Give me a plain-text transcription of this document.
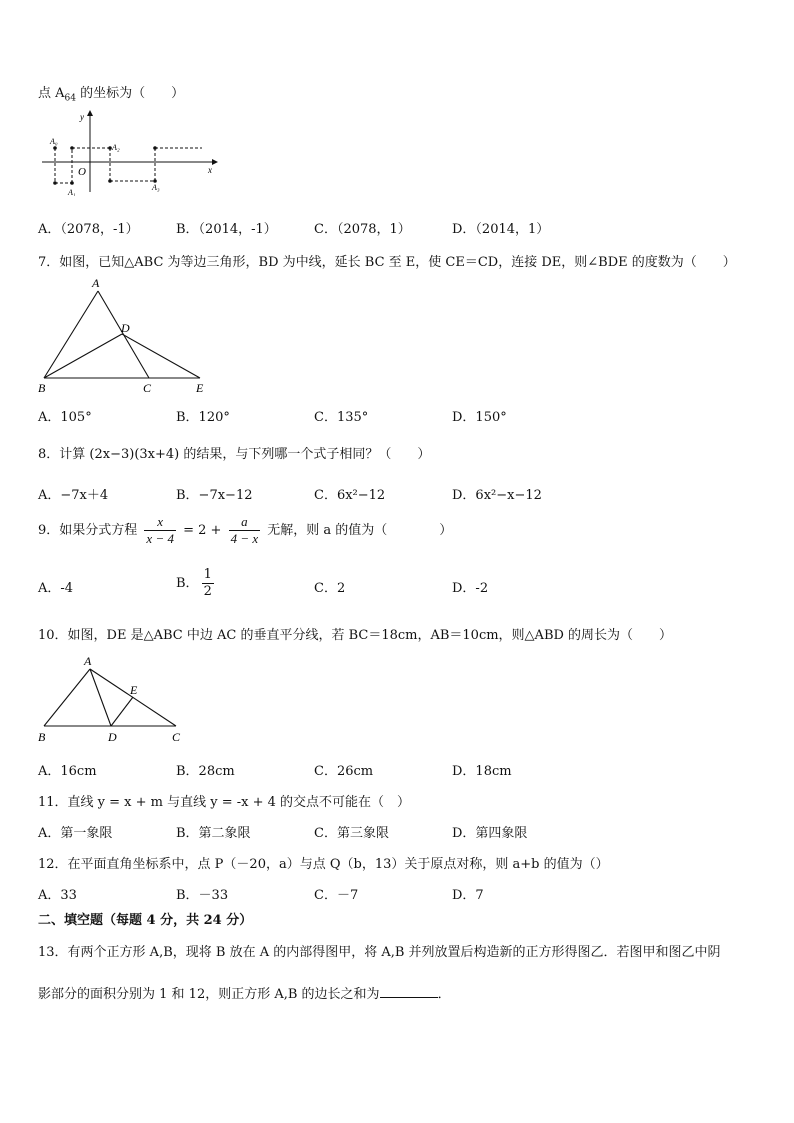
点 $A_{64}$ 的坐标为（　　）
y
x
O
A₀
A₁
A₂
A₃
A．（2078，-1）	B．（2014，-1）	C．（2078，1）	D．（2014，1）
7．如图，已知△ABC 为等边三角形，BD 为中线，延长 BC 至 E，使 CE＝CD，连接 DE，则∠BDE 的度数为（　　）
A
B	C
D
E
A．105°	B．120°	C．135°	D．150°
8．计算 (2x−3)(3x+4) 的结果，与下列哪一个式子相同？（　　）
A．−7x＋4	B．−7x−12	C．6x²−12	D．6x²−x−12
9．如果分式方程 $\frac{x}{x - 4} = 2 + \frac{a}{4 - x}$ 无解，则 a 的值为（　　　　）
A．-4	B． $\frac{1}{2}$	C．2	D．-2
10．如图，DE 是△ABC 中边 AC 的垂直平分线，若 BC＝18cm，AB＝10cm，则△ABD 的周长为（　　）
A
B	C
D
E
A．16cm	B．28cm	C．26cm	D．18cm
11．直线 y = x + m 与直线 y = -x + 4 的交点不可能在（　）
A．第一象限	B．第二象限	C．第三象限	D．第四象限
12．在平面直角坐标系中，点 P（－20，a）与点 Q（b，13）关于原点对称，则 a+b 的值为（）
A．33	B．－33	C．－7	D．7
二、填空题（每题 4 分，共 24 分）
13．有两个正方形 A,B，现将 B 放在 A 的内部得图甲，将 A,B 并列放置后构造新的正方形得图乙．若图甲和图乙中阴
影部分的面积分别为 1 和 12，则正方形 A,B 的边长之和为	．
